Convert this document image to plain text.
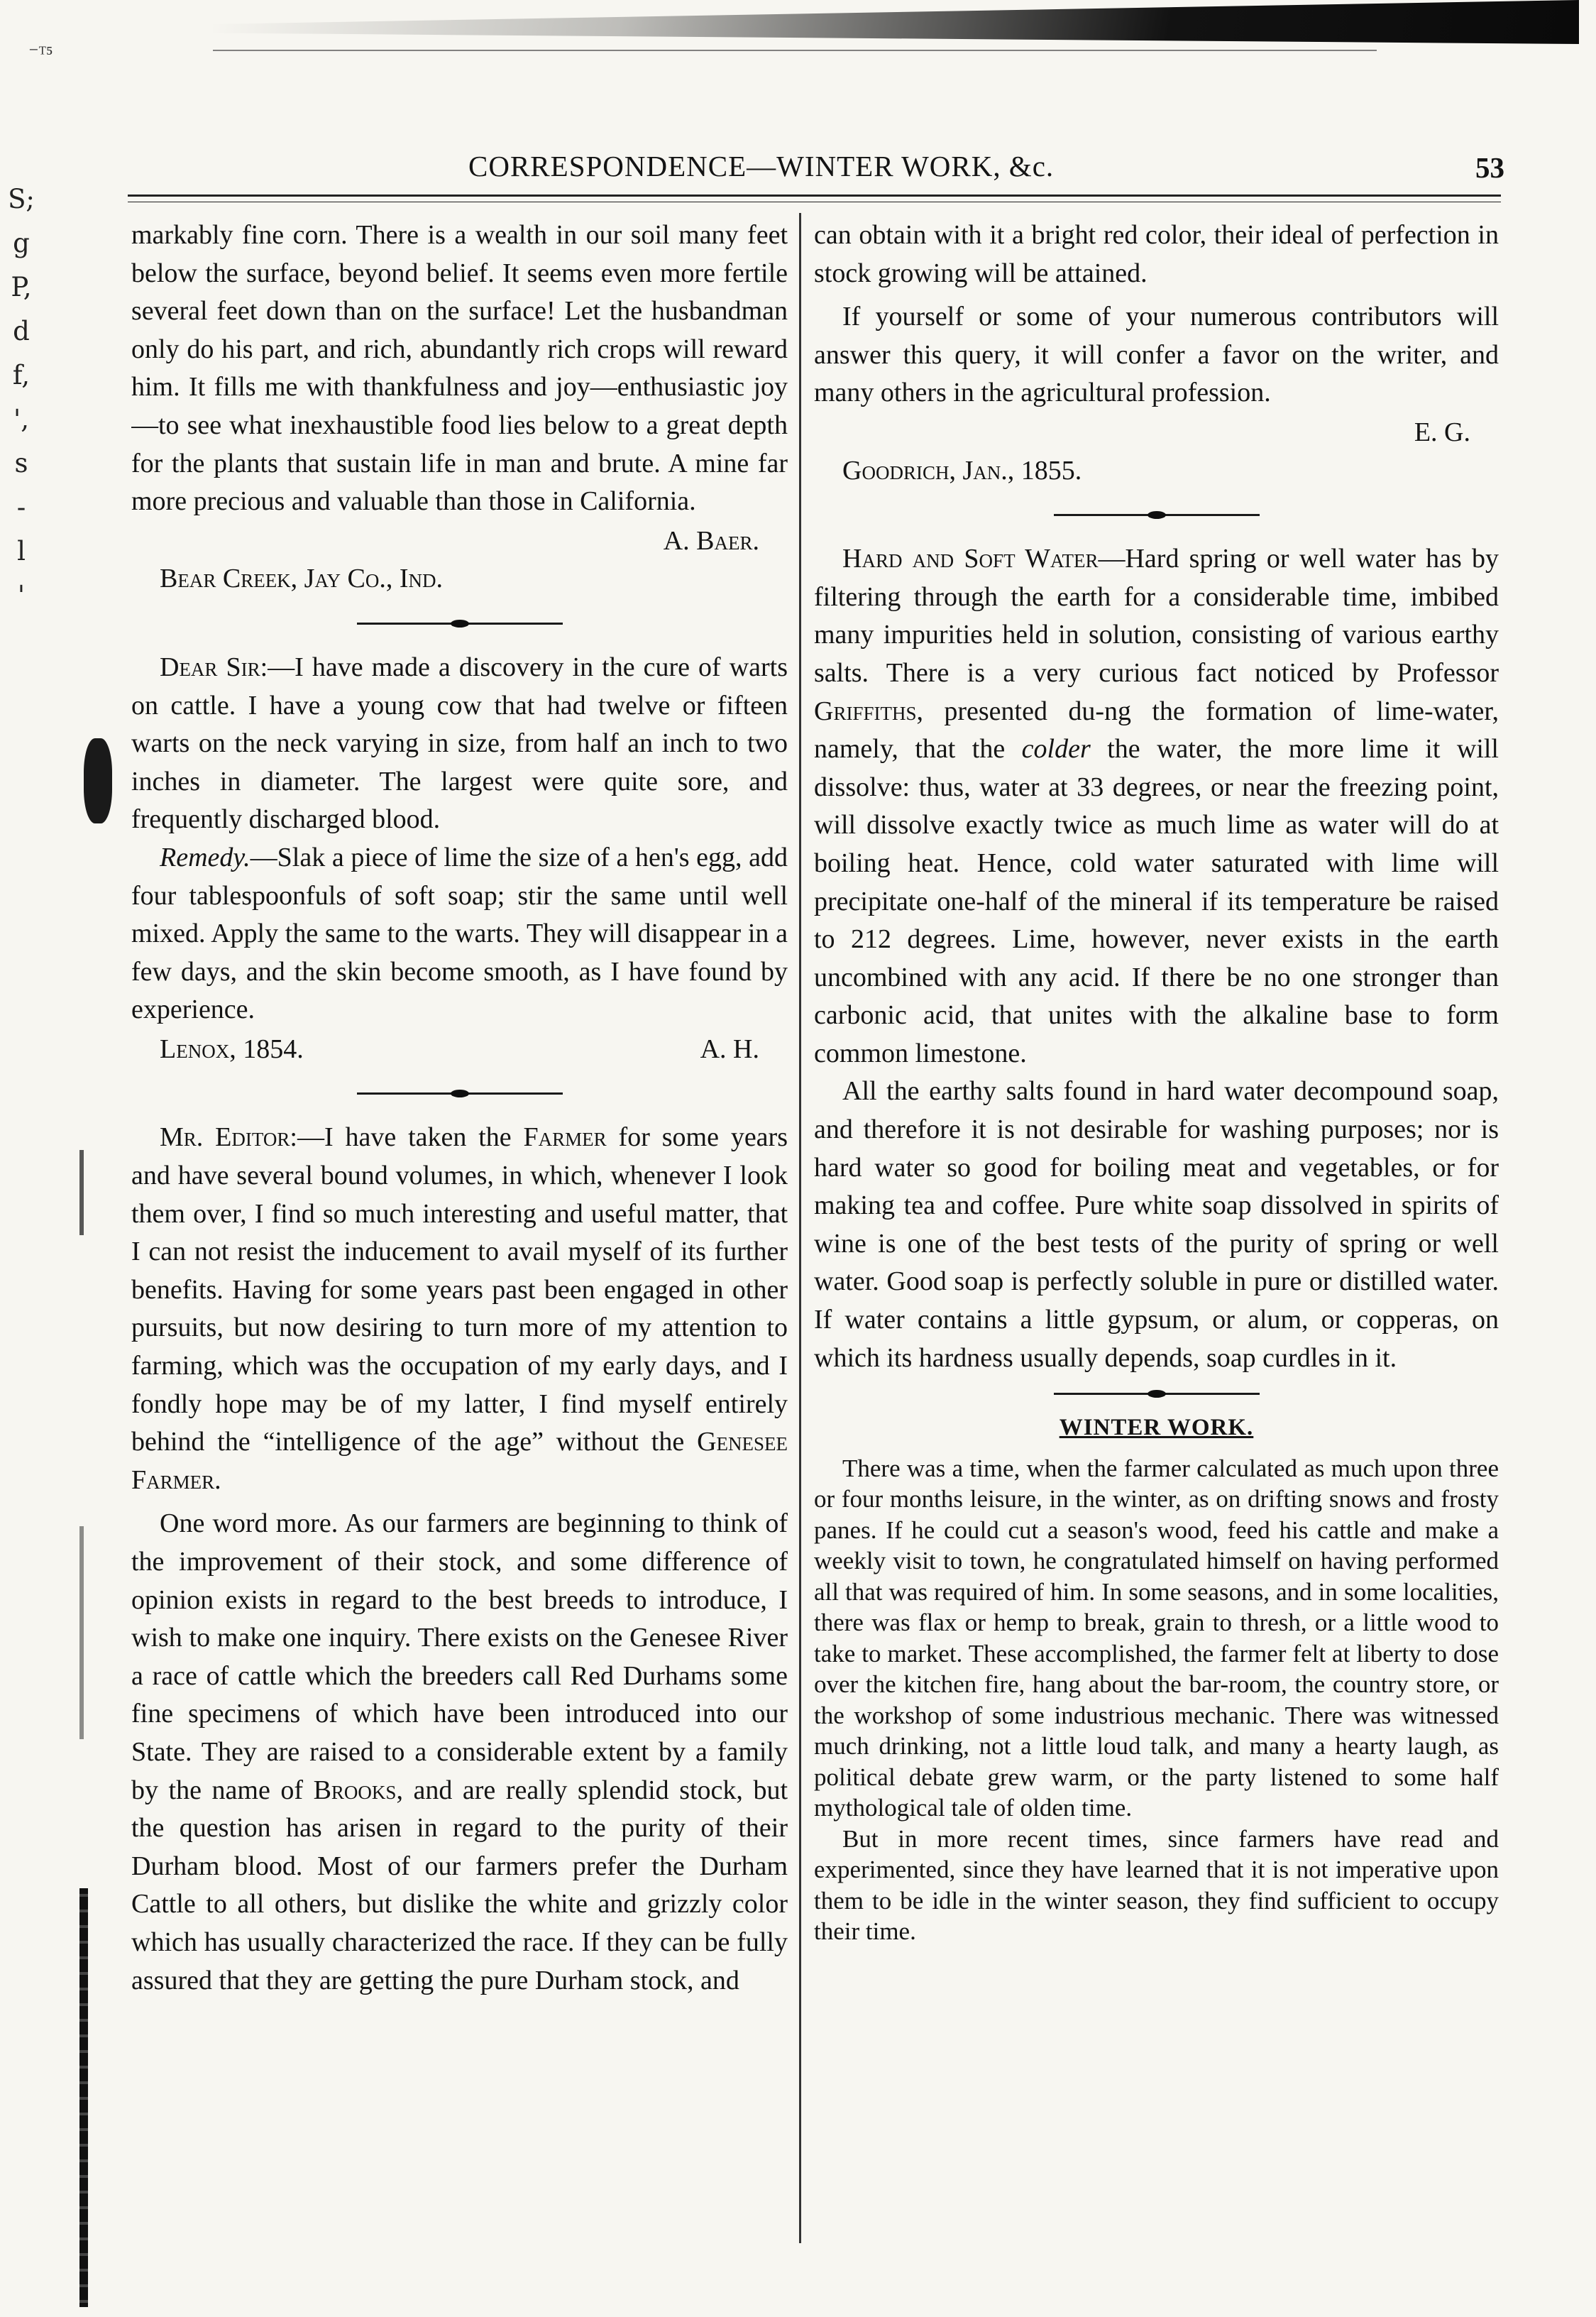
⁻ᵀ⁵
S;
g
P,
d
f,
',
s
-
l
'
CORRESPONDENCE—WINTER WORK, &c.	53

markably fine corn. There is a wealth in our soil many feet below the surface, beyond belief. It seems even more fertile several feet down than on the surface! Let the husbandman only do his part, and rich, abundantly rich crops will reward him. It fills me with thankfulness and joy—enthusiastic joy—to see what inexhaustible food lies below to a great depth for the plants that sustain life in man and brute. A mine far more precious and valuable than those in California.

A. Baer.

Bear Creek, Jay Co., Ind.

Dear Sir:—I have made a discovery in the cure of warts on cattle. I have a young cow that had twelve or fifteen warts on the neck varying in size, from half an inch to two inches in diameter. The largest were quite sore, and frequently discharged blood.

Remedy.—Slak a piece of lime the size of a hen's egg, add four tablespoonfuls of soft soap; stir the same until well mixed. Apply the same to the warts. They will disappear in a few days, and the skin become smooth, as I have found by experience.

Lenox, 1854.	A. H.

Mr. Editor:—I have taken the Farmer for some years and have several bound volumes, in which, whenever I look them over, I find so much interesting and useful matter, that I can not resist the inducement to avail myself of its further benefits. Having for some years past been engaged in other pursuits, but now desiring to turn more of my attention to farming, which was the occupation of my early days, and I fondly hope may be of my latter, I find myself entirely behind the “intelligence of the age” without the Genesee Farmer.

One word more. As our farmers are beginning to think of the improvement of their stock, and some difference of opinion exists in regard to the best breeds to introduce, I wish to make one inquiry. There exists on the Genesee River a race of cattle which the breeders call Red Durhams some fine specimens of which have been introduced into our State. They are raised to a considerable extent by a family by the name of Brooks, and are really splendid stock, but the question has arisen in regard to the purity of their Durham blood. Most of our farmers prefer the Durham Cattle to all others, but dislike the white and grizzly color which has usually characterized the race. If they can be fully assured that they are getting the pure Durham stock, and

can obtain with it a bright red color, their ideal of perfection in stock growing will be attained.

If yourself or some of your numerous contributors will answer this query, it will confer a favor on the writer, and many others in the agricultural profession.

E. G.

Goodrich, Jan., 1855.

Hard and Soft Water—Hard spring or well water has by filtering through the earth for a considerable time, imbibed many impurities held in solution, consisting of various earthy salts. There is a very curious fact noticed by Professor Griffiths, presented du-ng the formation of lime-water, namely, that the colder the water, the more lime it will dissolve: thus, water at 33 degrees, or near the freezing point, will dissolve exactly twice as much lime as water will do at boiling heat. Hence, cold water saturated with lime will precipitate one-half of the mineral if its temperature be raised to 212 degrees. Lime, however, never exists in the earth uncombined with any acid. If there be no one stronger than carbonic acid, that unites with the alkaline base to form common limestone.

All the earthy salts found in hard water decompound soap, and therefore it is not desirable for washing purposes; nor is hard water so good for boiling meat and vegetables, or for making tea and coffee. Pure white soap dissolved in spirits of wine is one of the best tests of the purity of spring or well water. Good soap is perfectly soluble in pure or distilled water. If water contains a little gypsum, or alum, or copperas, on which its hardness usually depends, soap curdles in it.

WINTER WORK.

There was a time, when the farmer calculated as much upon three or four months leisure, in the winter, as on drifting snows and frosty panes. If he could cut a season's wood, feed his cattle and make a weekly visit to town, he congratulated himself on having performed all that was required of him. In some seasons, and in some localities, there was flax or hemp to break, grain to thresh, or a little wood to take to market. These accomplished, the farmer felt at liberty to dose over the kitchen fire, hang about the bar-room, the country store, or the workshop of some industrious mechanic. There was witnessed much drinking, not a little loud talk, and many a hearty laugh, as political debate grew warm, or the party listened to some half mythological tale of olden time.

But in more recent times, since farmers have read and experimented, since they have learned that it is not imperative upon them to be idle in the winter season, they find sufficient to occupy their time.
